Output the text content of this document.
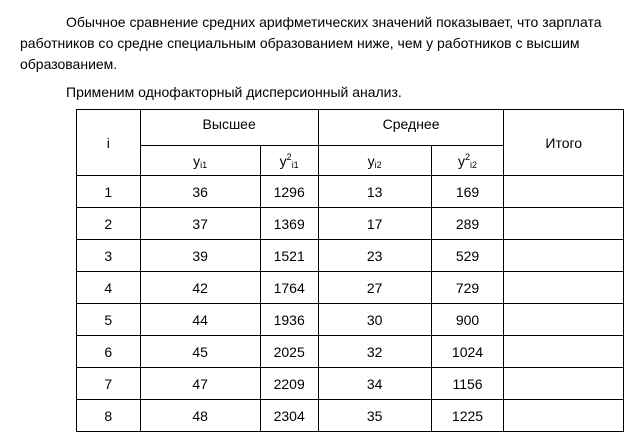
Обычное сравнение средних арифметических значений показывает, что зарплата работников со средне специальным образованием ниже, чем у работников с высшим образованием.

Применим однофакторный дисперсионный анализ.

i	Высшее		Среднее		Итого
	$y_{i1}$	$y^2_{i1}$	$y_{i2}$	$y^2_{i2}$
1	36	1296	13	169	
2	37	1369	17	289	
3	39	1521	23	529	
4	42	1764	27	729	
5	44	1936	30	900	
6	45	2025	32	1024	
7	47	2209	34	1156	
8	48	2304	35	1225	
